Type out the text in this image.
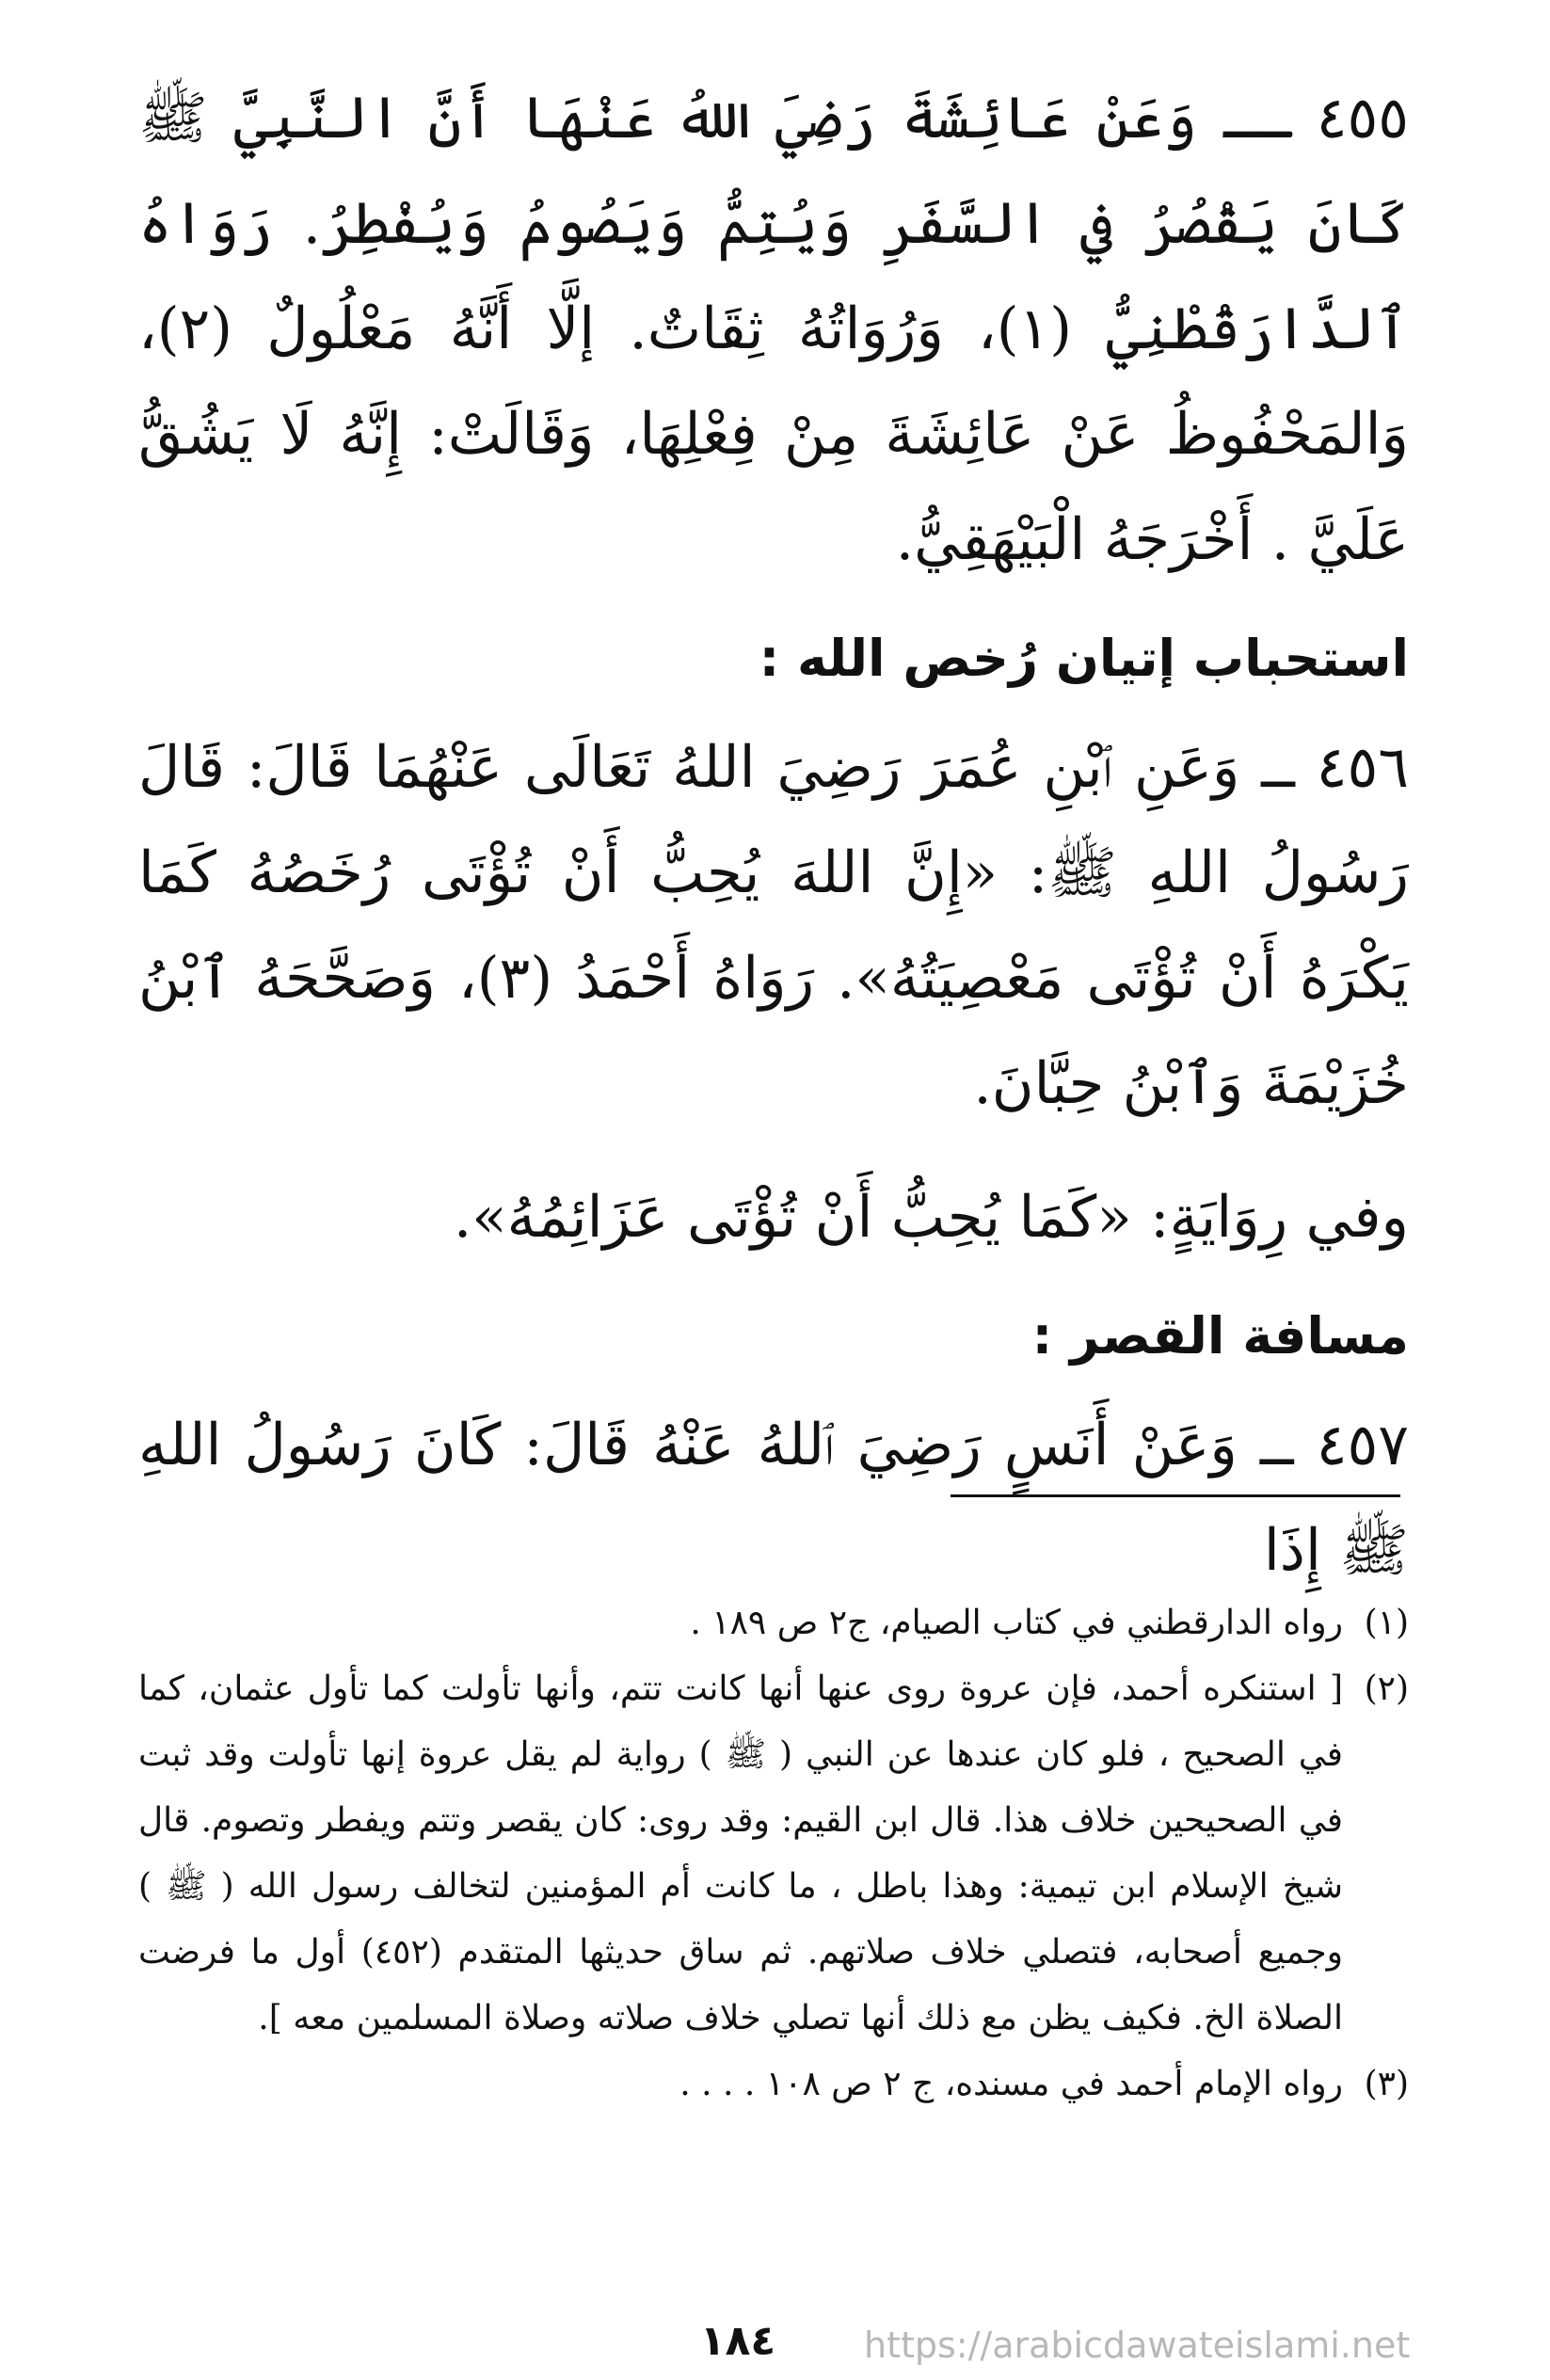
٤٥٥ ــ وَعَنْ عَائِشَةَ رَضِيَ اللهُ عَنْهَا أَنَّ النَّبِيَّ ﷺ كَانَ يَقْصُرُ في السَّفَرِ وَيُتِمُّ وَيَصُومُ وَيُفْطِرُ. رَوَاهُ ٱلدَّارَقُطْنِيُّ (١)، وَرُوَاتُهُ ثِقَاتٌ. إلَّا أَنَّهُ مَعْلُولٌ (٢)، وَالمَحْفُوظُ عَنْ عَائِشَةَ مِنْ فِعْلِهَا، وَقَالَتْ: إِنَّهُ لَا يَشُقُّ عَلَيَّ . أَخْرَجَهُ الْبَيْهَقِيُّ.

استحباب إتيان رُخص الله :

٤٥٦ ــ وَعَنِ ٱبْنِ عُمَرَ رَضِيَ اللهُ تَعَالَى عَنْهُمَا قَالَ: قَالَ رَسُولُ اللهِ ﷺ: «إِنَّ اللهَ يُحِبُّ أَنْ تُؤْتَى رُخَصُهُ كَمَا يَكْرَهُ أَنْ تُؤْتَى مَعْصِيَتُهُ». رَوَاهُ أَحْمَدُ (٣)، وَصَحَّحَهُ ٱبْنُ خُزَيْمَةَ وَٱبْنُ حِبَّانَ.

وفي رِوَايَةٍ: «كَمَا يُحِبُّ أَنْ تُؤْتَى عَزَائِمُهُ».

مسافة القصر :

٤٥٧ ــ وَعَنْ أَنَسٍ رَضِيَ ٱللهُ عَنْهُ قَالَ: كَانَ رَسُولُ اللهِ ﷺ إِذَا

(١)
رواه الدارقطني في كتاب الصيام، ج٢ ص ١٨٩ .
(٢)
[ استنكره أحمد، فإن عروة روى عنها أنها كانت تتم، وأنها تأولت كما تأول عثمان، كما في الصحيح ، فلو كان عندها عن النبي ( ﷺ ) رواية لم يقل عروة إنها تأولت وقد ثبت في الصحيحين خلاف هذا. قال ابن القيم: وقد روى: كان يقصر وتتم ويفطر وتصوم. قال شيخ الإسلام ابن تيمية: وهذا باطل ، ما كانت أم المؤمنين لتخالف رسول الله ( ﷺ ) وجميع أصحابه، فتصلي خلاف صلاتهم. ثم ساق حديثها المتقدم (٤٥٢) أول ما فرضت الصلاة الخ. فكيف يظن مع ذلك أنها تصلي خلاف صلاته وصلاة المسلمين معه ].
(٣)
رواه الإمام أحمد في مسنده، ج ٢ ص ١٠٨ . . . .
١٨٤	https://arabicdawateislami.net
